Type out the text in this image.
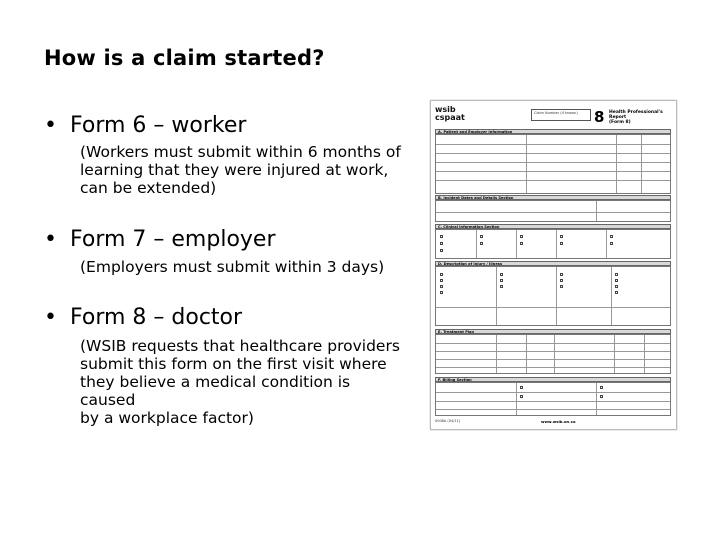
How is a claim started?
• Form 6 – worker
(Workers must submit within 6 months of
learning that they were injured at work,
can be extended)
• Form 7 – employer
(Employers must submit within 3 days)
• Form 8 – doctor
(WSIB requests that healthcare providers
submit this form on the first visit where
they believe a medical condition is caused
by a workplace factor)
wsib
cspaat	Claim Number (if known) 8 Health Professional's Report
(Form 8)
A. Patient and Employer Information
B. Incident Dates and Details Section
C. Clinical Information Section
D. Description of Injury / Illness
E. Treatment Plan
F. Billing Section
0008A (04/11)	www.wsib.on.ca
